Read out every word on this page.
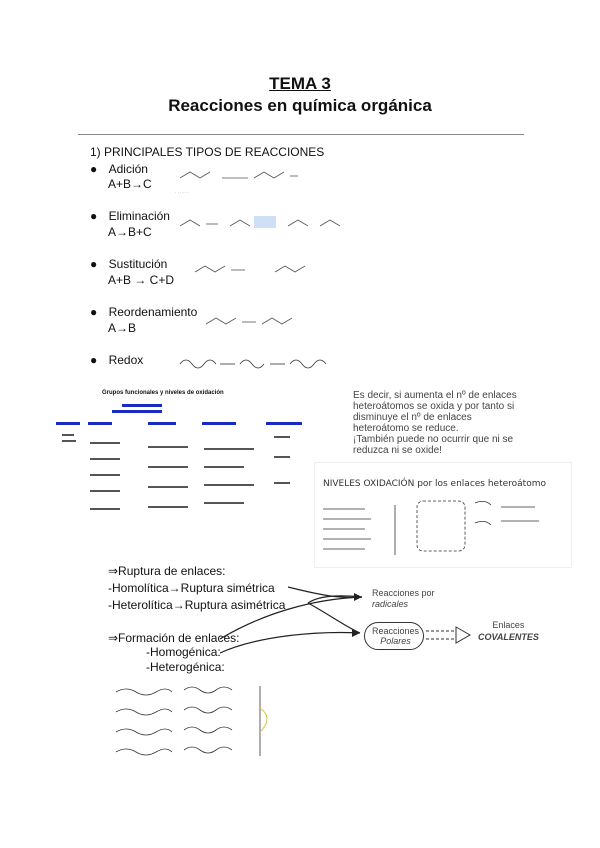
TEMA 3
Reacciones en química orgánica
1) PRINCIPALES TIPOS DE REACCIONES
● Adición
A+B→C
● Eliminación
A→B+C
● Sustitución
A+B → C+D
● Reordenamiento
A→B
● Redox
· · · · · ·
Grupos funcionales y niveles de oxidación	Es decir, si aumenta el nº de enlaces
heteroátomos se oxida y por tanto si
disminuye el nº de enlaces
heteroátomo se reduce.
¡También puede no ocurrir que ni se
reduzca ni se oxide!
NIVELES OXIDACIÓN por los enlaces heteroátomo
⇒Ruptura de enlaces:
-Homolítica→Ruptura simétrica
-Heterolítica→Ruptura asimétrica
⇒Formación de enlaces:
-Homogénica:
-Heterogénica:
Reacciones por
radicales
Reacciones
Polares
Enlaces
COVALENTES
